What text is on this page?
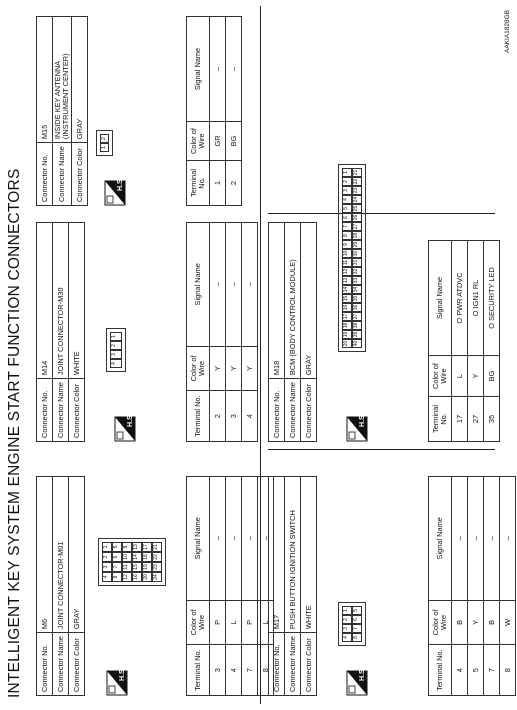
INTELLIGENT KEY SYSTEM ENGINE START FUNCTION CONNECTORS Connector No.	M6
Connector Name	JOINT CONNECTOR-M01
Connector Color	GRAY
H.S.
4
3
2
1
8
7
6
5
12
11
10
9
16
15
14
13
20
19
18
17
24
23
22
21
Terminal No.	Color of Wire	Signal Name
3	P	–
4	L	–
7	P	–
8	L	–
Connector No.	M14
Connector Name	JOINT CONNECTOR-M30
Connector Color	WHITE
H.S.
4
3
2
1
Terminal No.	Color of Wire	Signal Name
2	Y	–
3	Y	–
4	Y	–
Connector No.	M15
Connector Name	INSIDE KEY ANTENNA (INSTRUMENT CENTER)
Connector Color	GRAY
H.S.
1
2
Terminal No.	Color of Wire	Signal Name
1	GR	–
2	BG	–
Connector No.	M17
Connector Name	PUSH BUTTON IGNITION SWITCH
Connector Color	WHITE
H.S.
4
3
2
1
8
7
6
5
Terminal No.	Color of Wire	Signal Name
4	B	–
5	Y	–
7	B	–
8	W	–
Connector No.	M18
Connector Name	BCM (BODY CONTROL MODULE)
Connector Color	GRAY
H.S.
20
19
18
17
16
15
14
13
12
11
10
9
8
7
6
5
4
3
2
1
40
39
38
37
36
35
34
33
32
31
30
29
28
27
26
25
24
23
22
21
Terminal No.	Color of Wire	Signal Name
17	L	O PWR ATDVC
27	Y	O IGN1 RL
35	BG	O SECURITY LED
AAKIA1828GB
